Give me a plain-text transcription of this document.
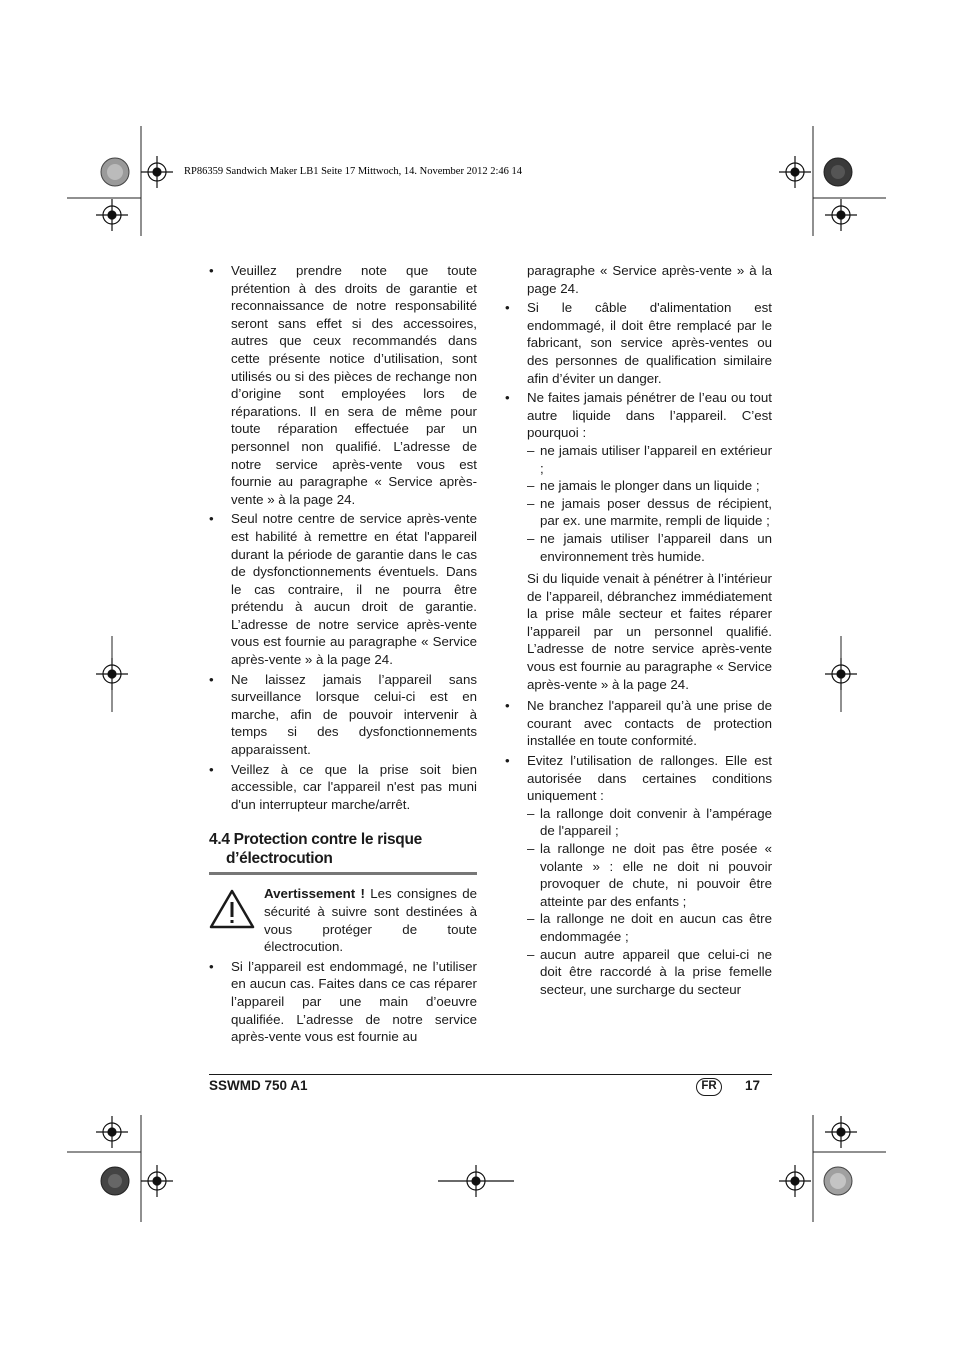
RP86359 Sandwich Maker LB1 Seite 17 Mittwoch, 14. November 2012 2:46 14
• Veuillez prendre note que toute prétention à des droits de garantie et reconnaissance de notre responsabilité seront sans effet si des accessoires, autres que ceux recommandés dans cette présente notice d’utilisation, sont utilisés ou si des pièces de rechange non d’origine sont employées lors de réparations. Il en sera de même pour toute réparation effectuée par un personnel non qualifié. L’adresse de notre service après-vente vous est fournie au paragraphe « Service après-vente » à la page 24.
• Seul notre centre de service après-vente est habilité à remettre en état l'appareil durant la période de garantie dans le cas de dysfonctionnements éventuels. Dans le cas contraire, il ne pourra être prétendu à aucun droit de garantie. L’adresse de notre service après-vente vous est fournie au paragraphe « Service après-vente » à la page 24.
• Ne laissez jamais l’appareil sans surveillance lorsque celui-ci est en marche, afin de pouvoir intervenir à temps si des dysfonctionnements apparaissent.
• Veillez à ce que la prise soit bien accessible, car l'appareil n'est pas muni d'un interrupteur marche/arrêt.
4.4 Protection contre le risque
d’électrocution
Avertissement ! Les consignes de sécurité à suivre sont destinées à vous protéger de toute électrocution.
• Si l’appareil est endommagé, ne l’utiliser en aucun cas. Faites dans ce cas réparer l’appareil par une main d’oeuvre qualifiée. L’adresse de notre service après-vente vous est fournie au
paragraphe « Service après-vente » à la page 24.
• Si le câble d'alimentation est endommagé, il doit être remplacé par le fabricant, son service après-ventes ou des personnes de qualification similaire afin d’éviter un danger.
• Ne faites jamais pénétrer de l’eau ou tout autre liquide dans l’appareil. C’est pourquoi :
– ne jamais utiliser l’appareil en extérieur ;
– ne jamais le plonger dans un liquide ;
– ne jamais poser dessus de récipient, par ex. une marmite, rempli de liquide ;
– ne jamais utiliser l’appareil dans un environnement très humide.
Si du liquide venait à pénétrer à l’intérieur de l’appareil, débranchez immédiatement la prise mâle secteur et faites réparer l’appareil par un personnel qualifié. L’adresse de notre service après-vente vous est fournie au paragraphe « Service après-vente » à la page 24.
• Ne branchez l'appareil qu’à une prise de courant avec contacts de protection installée en toute conformité.
• Evitez l’utilisation de rallonges. Elle est autorisée dans certaines conditions uniquement :
– la rallonge doit convenir à l’ampérage de l'appareil ;
– la rallonge ne doit pas être posée « volante » : elle ne doit ni pouvoir provoquer de chute, ni pouvoir être atteinte par des enfants ;
– la rallonge ne doit en aucun cas être endommagée ;
– aucun autre appareil que celui-ci ne doit être raccordé à la prise femelle secteur, une surcharge du secteur
SSWMD 750 A1	FR	17
